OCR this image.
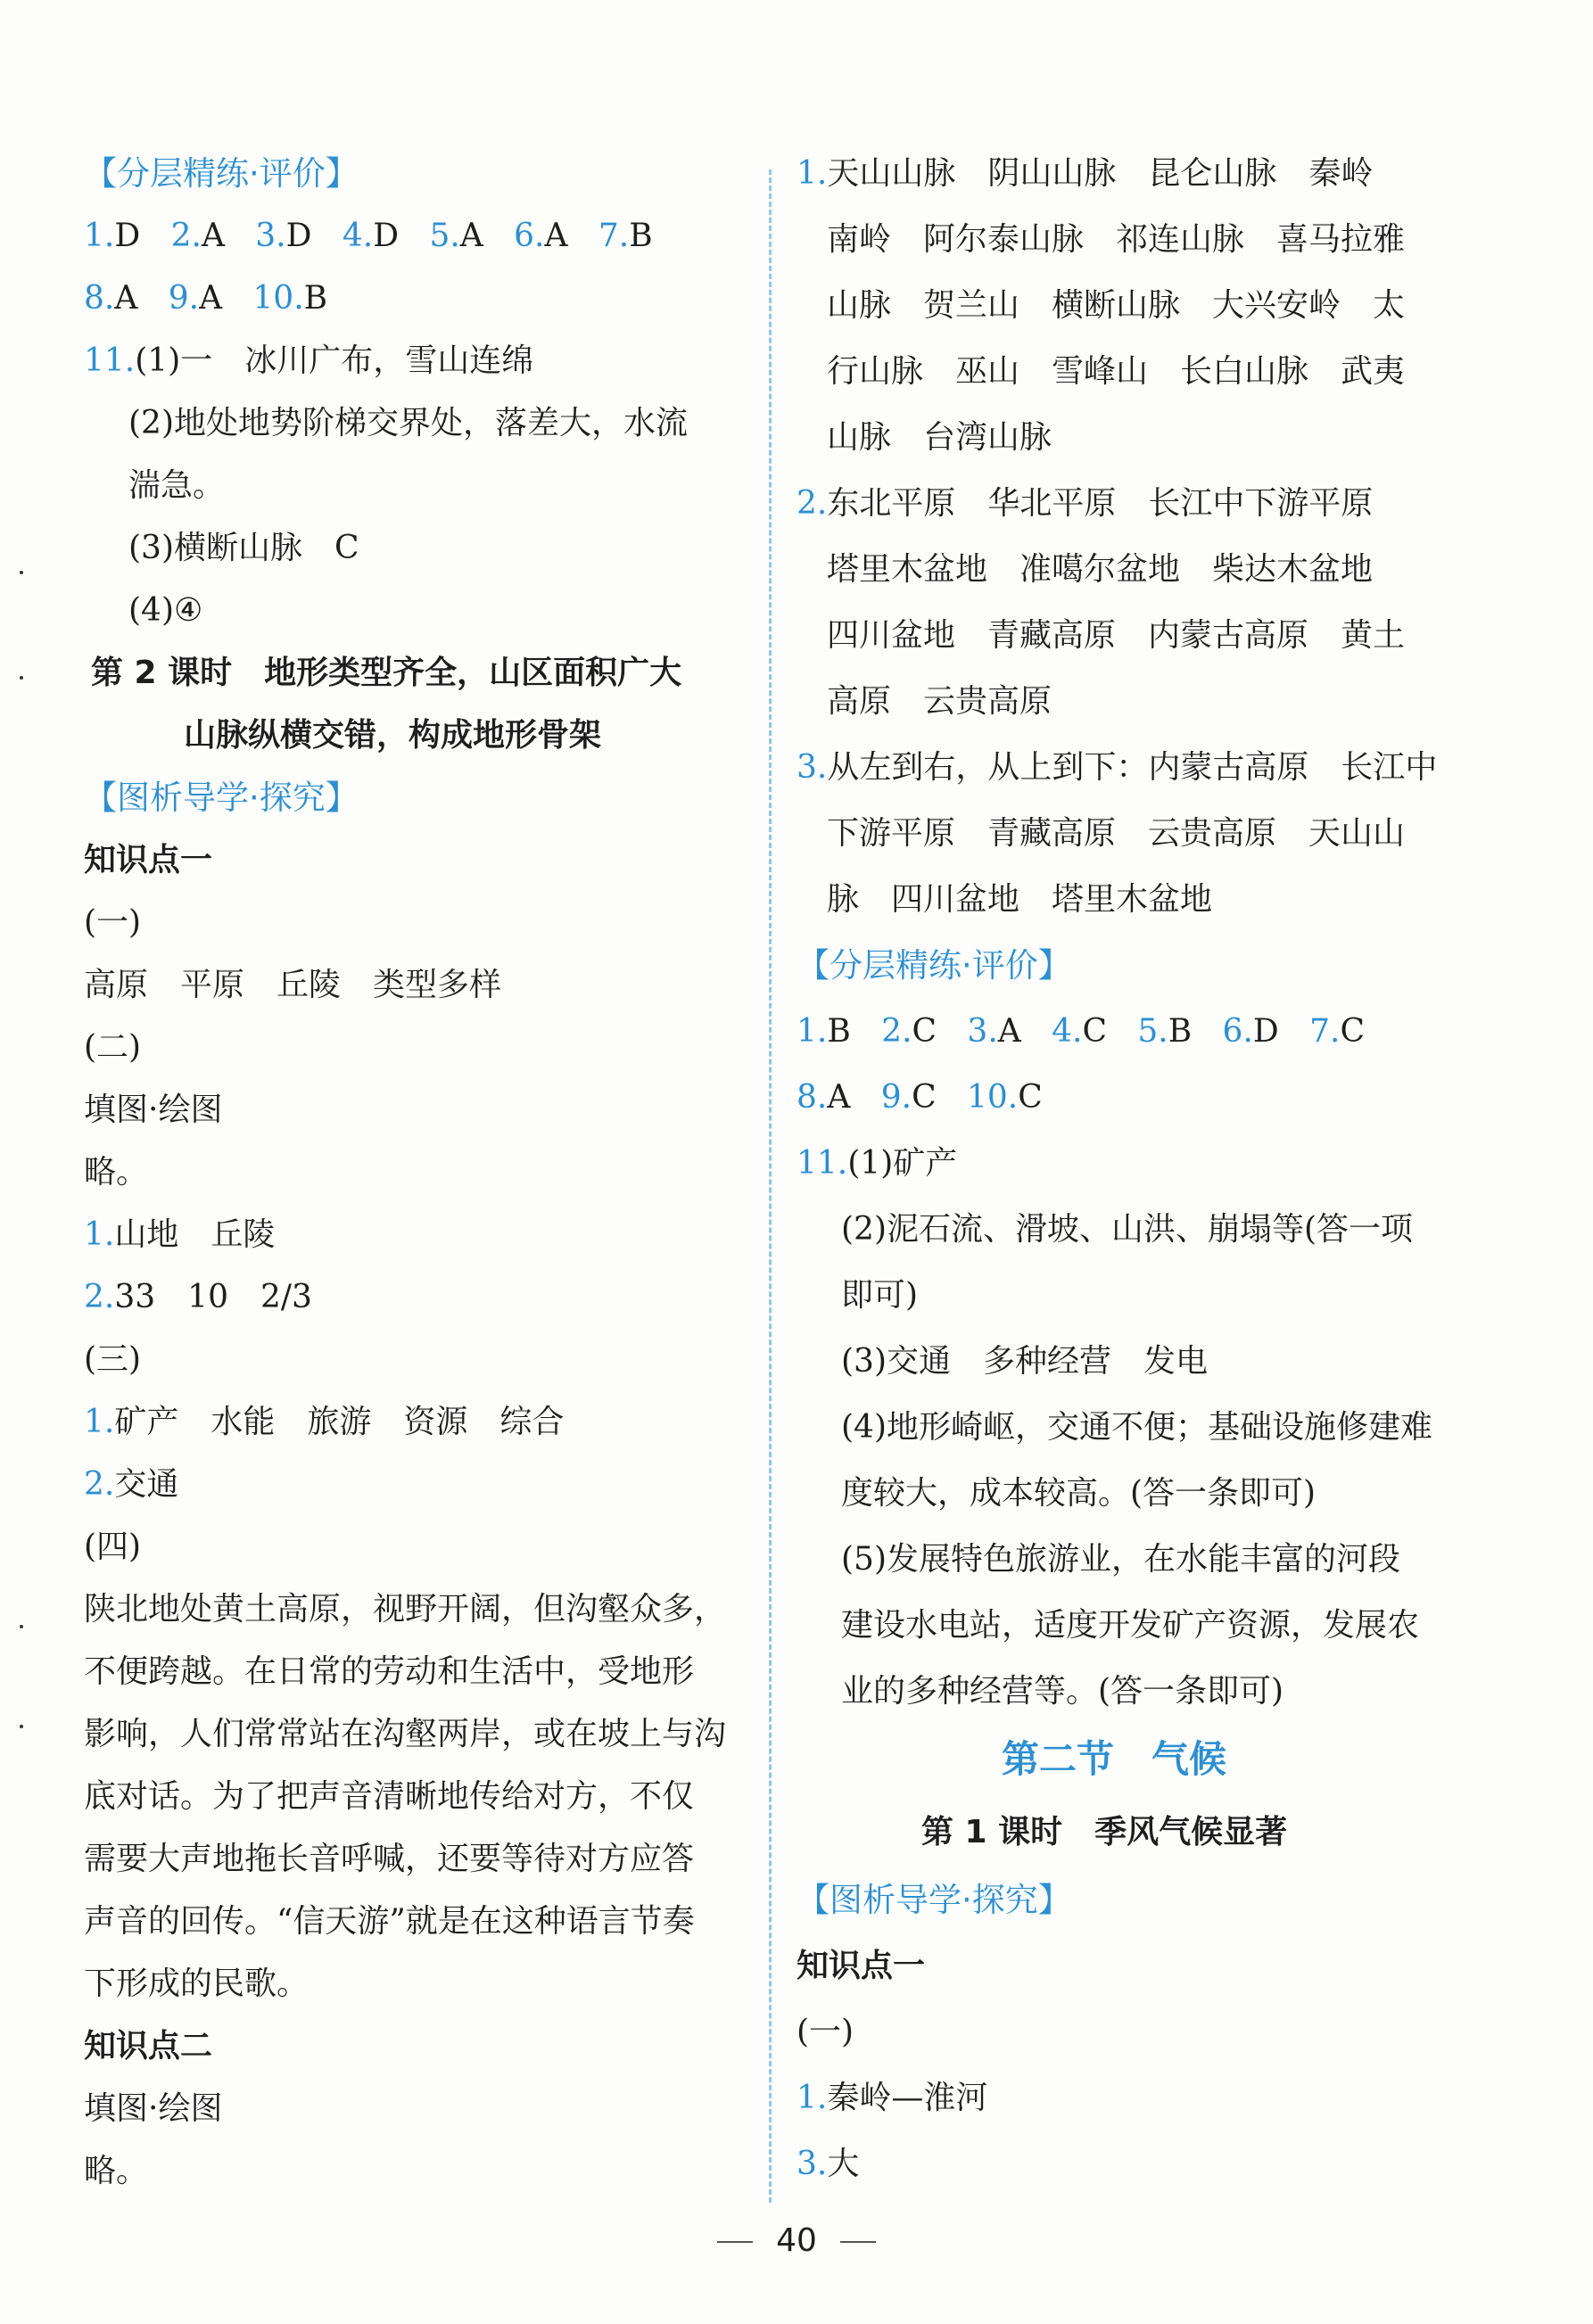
【分层精练·评价】
1.D 2.A 3.D 4.D 5.A 6.A 7.B
8.A 9.A 10.B
11.(1)一　冰川广布，雪山连绵
(2)地处地势阶梯交界处，落差大，水流
湍急。
(3)横断山脉　C
(4)④
第 2 课时　地形类型齐全，山区面积广大
山脉纵横交错，构成地形骨架
【图析导学·探究】
知识点一
(一)
高原　平原　丘陵　类型多样
(二)
填图·绘图
略。
1.山地　丘陵
2.33　10　2/3
(三)
1.矿产　水能　旅游　资源　综合
2.交通
(四)
陕北地处黄土高原，视野开阔，但沟壑众多，
不便跨越。在日常的劳动和生活中，受地形
影响，人们常常站在沟壑两岸，或在坡上与沟
底对话。为了把声音清晰地传给对方，不仅
需要大声地拖长音呼喊，还要等待对方应答
声音的回传。“信天游”就是在这种语言节奏
下形成的民歌。
知识点二
填图·绘图
略。
1.天山山脉　阴山山脉　昆仑山脉　秦岭
南岭　阿尔泰山脉　祁连山脉　喜马拉雅
山脉　贺兰山　横断山脉　大兴安岭　太
行山脉　巫山　雪峰山　长白山脉　武夷
山脉　台湾山脉
2.东北平原　华北平原　长江中下游平原
塔里木盆地　准噶尔盆地　柴达木盆地
四川盆地　青藏高原　内蒙古高原　黄土
高原　云贵高原
3.从左到右，从上到下：内蒙古高原　长江中
下游平原　青藏高原　云贵高原　天山山
脉　四川盆地　塔里木盆地
【分层精练·评价】
1.B 2.C 3.A 4.C 5.B 6.D 7.C
8.A 9.C 10.C
11.(1)矿产
(2)泥石流、滑坡、山洪、崩塌等(答一项
即可)
(3)交通　多种经营　发电
(4)地形崎岖，交通不便；基础设施修建难
度较大，成本较高。(答一条即可)
(5)发展特色旅游业，在水能丰富的河段
建设水电站，适度开发矿产资源，发展农
业的多种经营等。(答一条即可)
第二节　气候
第 1 课时　季风气候显著
【图析导学·探究】
知识点一
(一)
1.秦岭—淮河
3.大
40
